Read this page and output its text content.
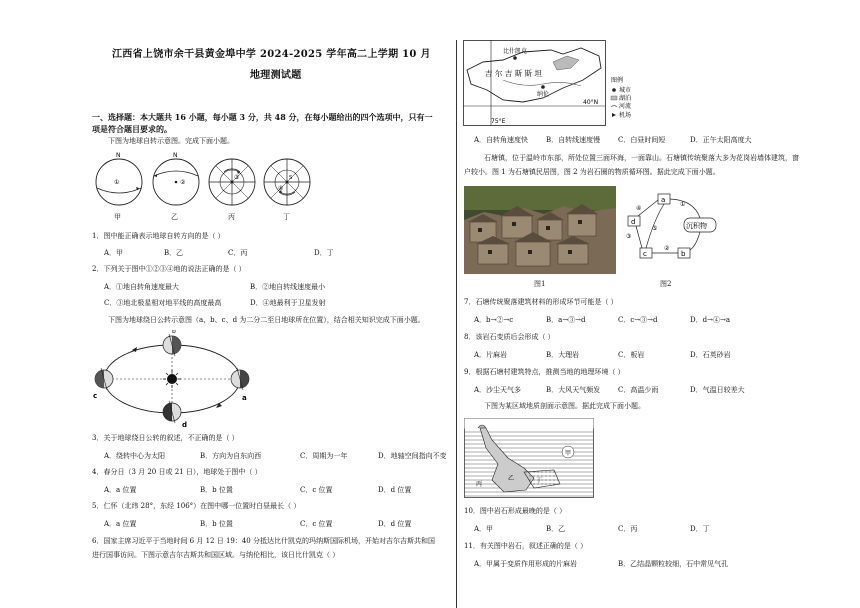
江西省上饶市余干县黄金埠中学 2024-2025 学年高二上学期 10 月
地理测试题
一、选择题：本大题共 16 小题，每小题 3 分，共 48 分，在每小题给出的四个选项中，只有一
项是符合题目要求的。
下图为地球自转示意图。完成下面小题。
N
①
N
②
③	S
④
甲	乙	丙	丁
1．图中能正确表示地球自转方向的是（ ）
A．甲	B．乙	C．丙	D．丁
2．下列关于图中①②③④地的说法正确的是（ ）
A．①地自转角速度最大	B．②地自转线速度最小
C．③地北极星相对地平线的高度最高	D．④地最利于卫星发射
下图为地球绕日公转示意图（a、b、c、d 为二分二至日地球所在位置），结合相关知识完成下面小题。
b
c	a
d
3．关于地球绕日公转的叙述，不正确的是（ ）
A．绕转中心为太阳	B．方向为自东向西	C．周期为一年	D．地轴空间指向不变
4．春分日（3 月 20 日或 21 日），地球处于图中（ ）
A．a 位置	B．b 位置	C．c 位置	D．d 位置
5．仁怀（北纬 28°，东经 106°）在图中哪一位置时白昼最长（ ）
A．a 位置	B．b 位置	C．c 位置	D．d 位置
6．国家主席习近平于当地时间 6 月 12 日 19：40 分抵达比什凯克的玛纳斯国际机场，开始对吉尔吉斯共和国
进行国事访问。下图示意吉尔吉斯共和国区域。与纳伦相比，该日比什凯克（ ）
比什凯克
纳伦
吉 尔 吉 斯 斯 坦
40°N
75°E
图例
城市
湖泊
河流
机场
A．自转角速度快	B．自转线速度慢	C．白昼时间短	D．正午太阳高度大
石塘镇，位于温岭市东部，所处位置三面环海，一面靠山。石塘镇传统聚落大多为花岗岩墙体建筑，窗
户较小。图 1 为石塘镇民居图，图 2 为岩石圈的物质循环图。据此完成下面小题。
图1
a
d
c	b
沉积物
①
②
③
④
⑤
图2
7．石塘传统聚落建筑材料的形成环节可能是（ ）
A．b→②→c	B．a→③→d	C．c→③→d	D．d→④→a
8．该岩石变质后会形成（ ）
A．片麻岩	B．大理岩	C．板岩	D．石英砂岩
9．根据石塘村建筑特点，推测当地的地理环境（ ）
A．沙尘天气多	B．大风天气频发	C．高温少雨	D．气温日较差大
下图为某区域地质剖面示意图。据此完成下面小题。
甲
乙
丙
丁
10．图中岩石形成最晚的是（ ）
A．甲	B．乙	C．丙	D．丁
11．有关图中岩石，叙述正确的是（ ）
A．甲属于变质作用形成的片麻岩	B．乙结晶颗粒较细，石中常见气孔
